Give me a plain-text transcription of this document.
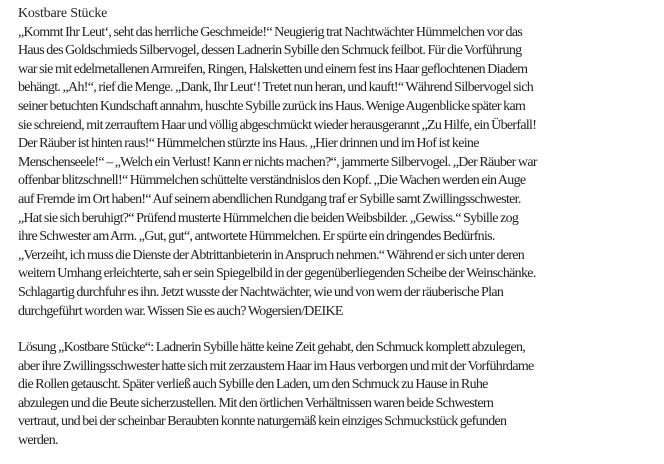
Kostbare Stücke
„Kommt Ihr Leut‘, seht das herrliche Geschmeide!“ Neugierig trat Nachtwächter Hümmelchen vor das
Haus des Goldschmieds Silbervogel, dessen Ladnerin Sybille den Schmuck feilbot. Für die Vorführung
war sie mit edelmetallenen Armreifen, Ringen, Halsketten und einem fest ins Haar geflochtenen Diadem
behängt. „Ah!“, rief die Menge. „Dank, Ihr Leut‘! Tretet nun heran, und kauft!“ Während Silbervogel sich
seiner betuchten Kundschaft annahm, huschte Sybille zurück ins Haus. Wenige Augenblicke später kam
sie schreiend, mit zerrauftem Haar und völlig abgeschmückt wieder herausgerannt „Zu Hilfe, ein Überfall!
Der Räuber ist hinten raus!“ Hümmelchen stürzte ins Haus. „Hier drinnen und im Hof ist keine
Menschenseele!“ – „Welch ein Verlust! Kann er nichts machen?“, jammerte Silbervogel. „Der Räuber war
offenbar blitzschnell!“ Hümmelchen schüttelte verständnislos den Kopf. „Die Wachen werden ein Auge
auf Fremde im Ort haben!“ Auf seinem abendlichen Rundgang traf er Sybille samt Zwillingsschwester.
„Hat sie sich beruhigt?“ Prüfend musterte Hümmelchen die beiden Weibsbilder. „Gewiss.“ Sybille zog
ihre Schwester am Arm. „Gut, gut“, antwortete Hümmelchen. Er spürte ein dringendes Bedürfnis.
„Verzeiht, ich muss die Dienste der Abtrittanbieterin in Anspruch nehmen.“ Während er sich unter deren
weitem Umhang erleichterte, sah er sein Spiegelbild in der gegenüberliegenden Scheibe der Weinschänke.
Schlagartig durchfuhr es ihn. Jetzt wusste der Nachtwächter, wie und von wem der räuberische Plan
durchgeführt worden war. Wissen Sie es auch? Wogersien/DEIKE
Lösung „Kostbare Stücke“: Ladnerin Sybille hätte keine Zeit gehabt, den Schmuck komplett abzulegen,
aber ihre Zwillingsschwester hatte sich mit zerzaustem Haar im Haus verborgen und mit der Vorführdame
die Rollen getauscht. Später verließ auch Sybille den Laden, um den Schmuck zu Hause in Ruhe
abzulegen und die Beute sicherzustellen. Mit den örtlichen Verhältnissen waren beide Schwestern
vertraut, und bei der scheinbar Beraubten konnte naturgemäß kein einziges Schmuckstück gefunden
werden.
